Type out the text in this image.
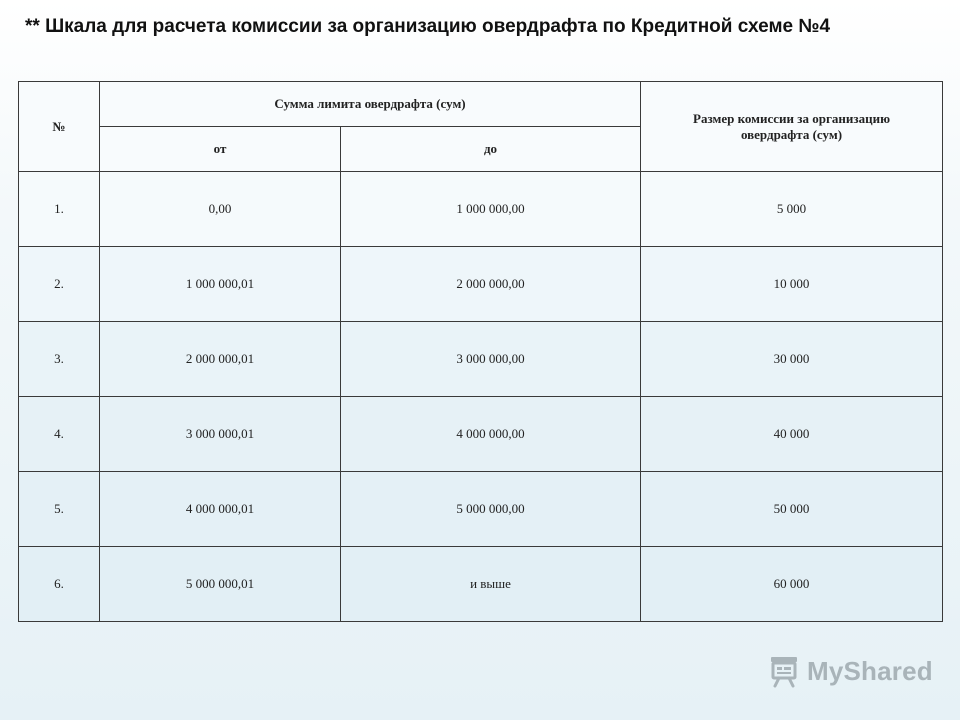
** Шкала для расчета комиссии за организацию овердрафта по Кредитной схеме №4
№	Сумма лимита овердрафта (сум)		Размер комиссии за организацию овердрафта (сум)
	от	до	
1.	0,00	1 000 000,00	5 000
2.	1 000 000,01	2 000 000,00	10 000
3.	2 000 000,01	3 000 000,00	30 000
4.	3 000 000,01	4 000 000,00	40 000
5.	4 000 000,01	5 000 000,00	50 000
6.	5 000 000,01	и выше	60 000
MyShared
